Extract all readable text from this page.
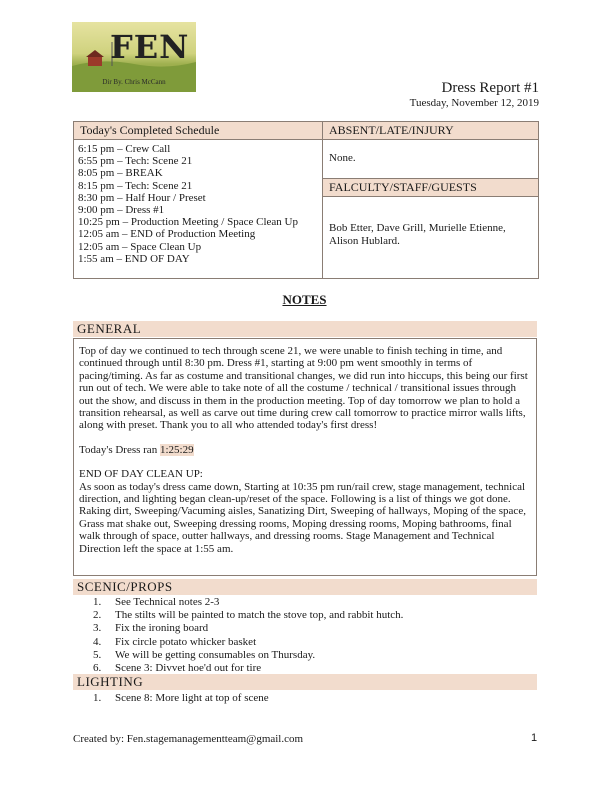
FEN
Dir By. Chris McCann	Dress Report #1
Tuesday, November 12, 2019
Today's Completed Schedule
6:15 pm – Crew Call
6:55 pm – Tech: Scene 21
8:05 pm – BREAK
8:15 pm – Tech: Scene 21
8:30 pm – Half Hour / Preset
9:00 pm – Dress #1
10:25 pm – Production Meeting / Space Clean Up
12:05 am – END of Production Meeting
12:05 am – Space Clean Up
1:55 am – END OF DAY
ABSENT/LATE/INJURY
None.
FALCULTY/STAFF/GUESTS
Bob Etter, Dave Grill, Murielle Etienne, Alison Hublard.
NOTES
GENERAL

Top of day we continued to tech through scene 21, we were unable to finish teching in time, and continued through until 8:30 pm. Dress #1, starting at 9:00 pm went smoothly in terms of pacing/timing. As far as costume and transitional changes, we did run into hiccups, this being our first run out of tech. We were able to take note of all the costume / technical / transitional issues through out the show, and discuss in them in the production meeting. Top of day tomorrow we plan to hold a transition rehearsal, as well as carve out time during crew call tomorrow to practice mirror walls lifts, along with preset. Thank you to all who attended today's first dress!

Today's Dress ran 1:25:29

END OF DAY CLEAN UP:

As soon as today's dress came down, Starting at 10:35 pm run/rail crew, stage management, technical direction, and lighting began clean-up/reset of the space. Following is a list of things we got done. Raking dirt, Sweeping/Vacuming aisles, Sanatizing Dirt, Sweeping of hallways, Moping of the space, Grass mat shake out, Sweeping dressing rooms, Moping dressing rooms, Moping bathrooms, final walk through of space, outter hallways, and dressing rooms. Stage Management and Technical Direction left the space at 1:55 am.

SCENIC/PROPS
1. See Technical notes 2-3
2. The stilts will be painted to match the stove top, and rabbit hutch.
3. Fix the ironing board
4. Fix circle potato whicker basket
5. We will be getting consumables on Thursday.
6. Scene 3: Divvet hoe'd out for tire
LIGHTING
1. Scene 8: More light at top of scene
Created by: Fen.stagemanagementteam@gmail.com	1
